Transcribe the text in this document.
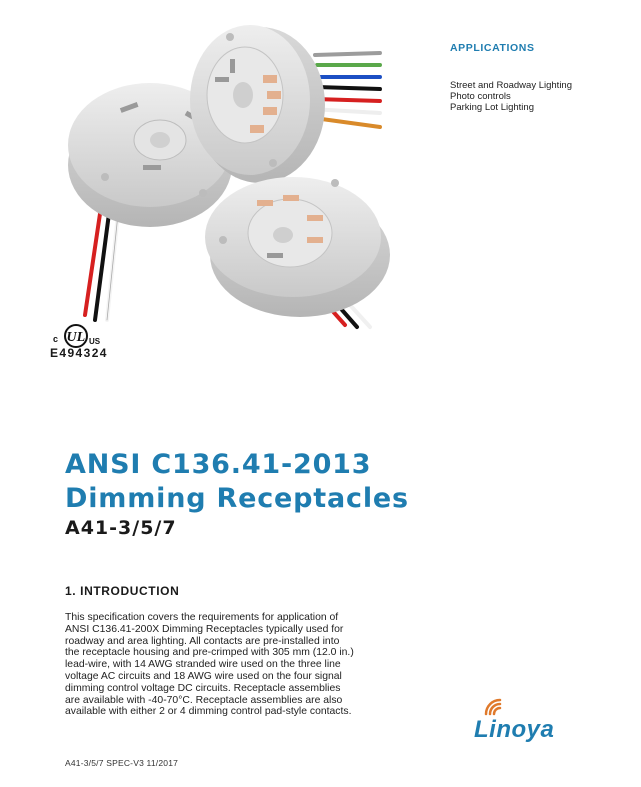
APPLICATIONS
Street and Roadway Lighting
Photo controls
Parking Lot Lighting
c UL US
E494324
ANSI C136.41-2013
Dimming Receptacles
A41-3/5/7
1. INTRODUCTION
This specification covers the requirements for application of
ANSI C136.41-200X Dimming Receptacles typically used for
roadway and area lighting. All contacts are pre-installed into
the receptacle housing and pre-crimped with 305 mm (12.0 in.)
lead-wire, with 14 AWG stranded wire used on the three line
voltage AC circuits and 18 AWG wire used on the four signal
dimming control voltage DC circuits. Receptacle assemblies
are available with -40-70°C. Receptacle assemblies are also
available with either 2 or 4 dimming control pad-style contacts.
Linoya
A41-3/5/7 SPEC-V3 11/2017
